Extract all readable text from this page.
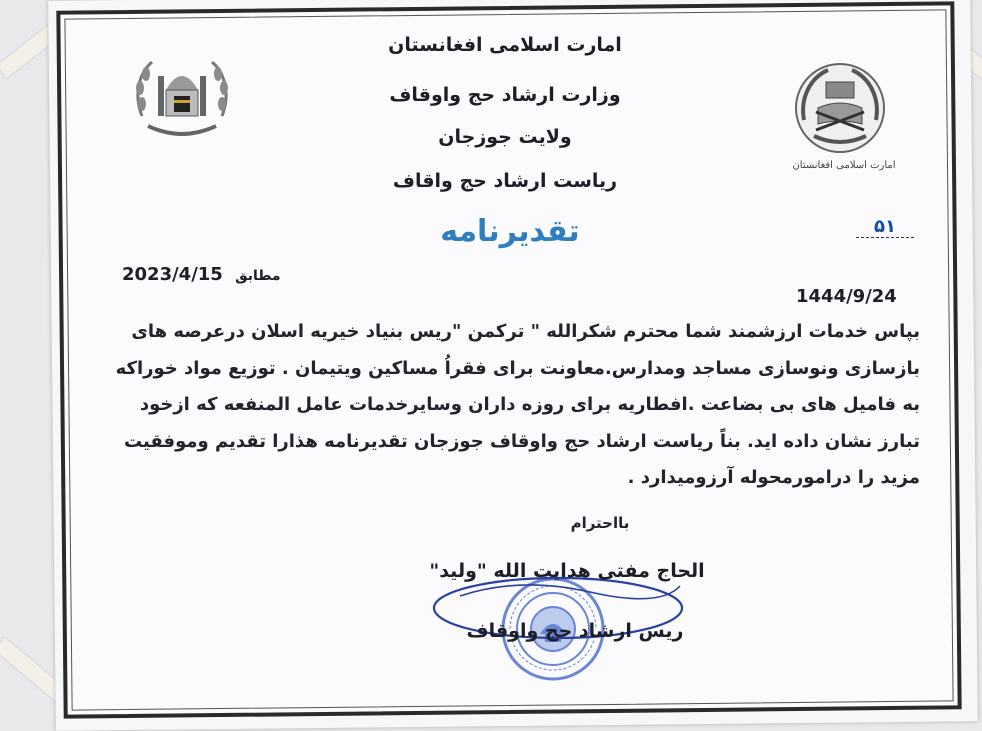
امارت اسلامی افغانستان
امارت اسلامی افغانستان
وزارت ارشاد حج واوقاف
ولایت جوزجان
ریاست ارشاد حج واقاف
تقدیرنامه	۵۱
2023/4/15 مطابق
1444/9/24
بپاس خدمات ارزشمند شما محترم شکرالله " ترکمن "ریس بنیاد خیریه اسلان درعرصه های
بازسازی ونوسازی مساجد ومدارس.معاونت برای فقراُ مساکین ویتیمان . توزیع مواد خوراکه
به فامیل های بی بضاعت .افطاریه برای روزه داران وسایرخدمات عامل المنفعه که ازخود
تبارز نشان داده اید. بناً ریاست ارشاد حج واوقاف جوزجان تقدیرنامه هذارا تقدیم وموفقیت
مزید را درامورمحوله آرزومیدارد .
بااحترام
الحاج مفتی هدایت الله "ولید"
ریس ارشاد حج واوقاف
